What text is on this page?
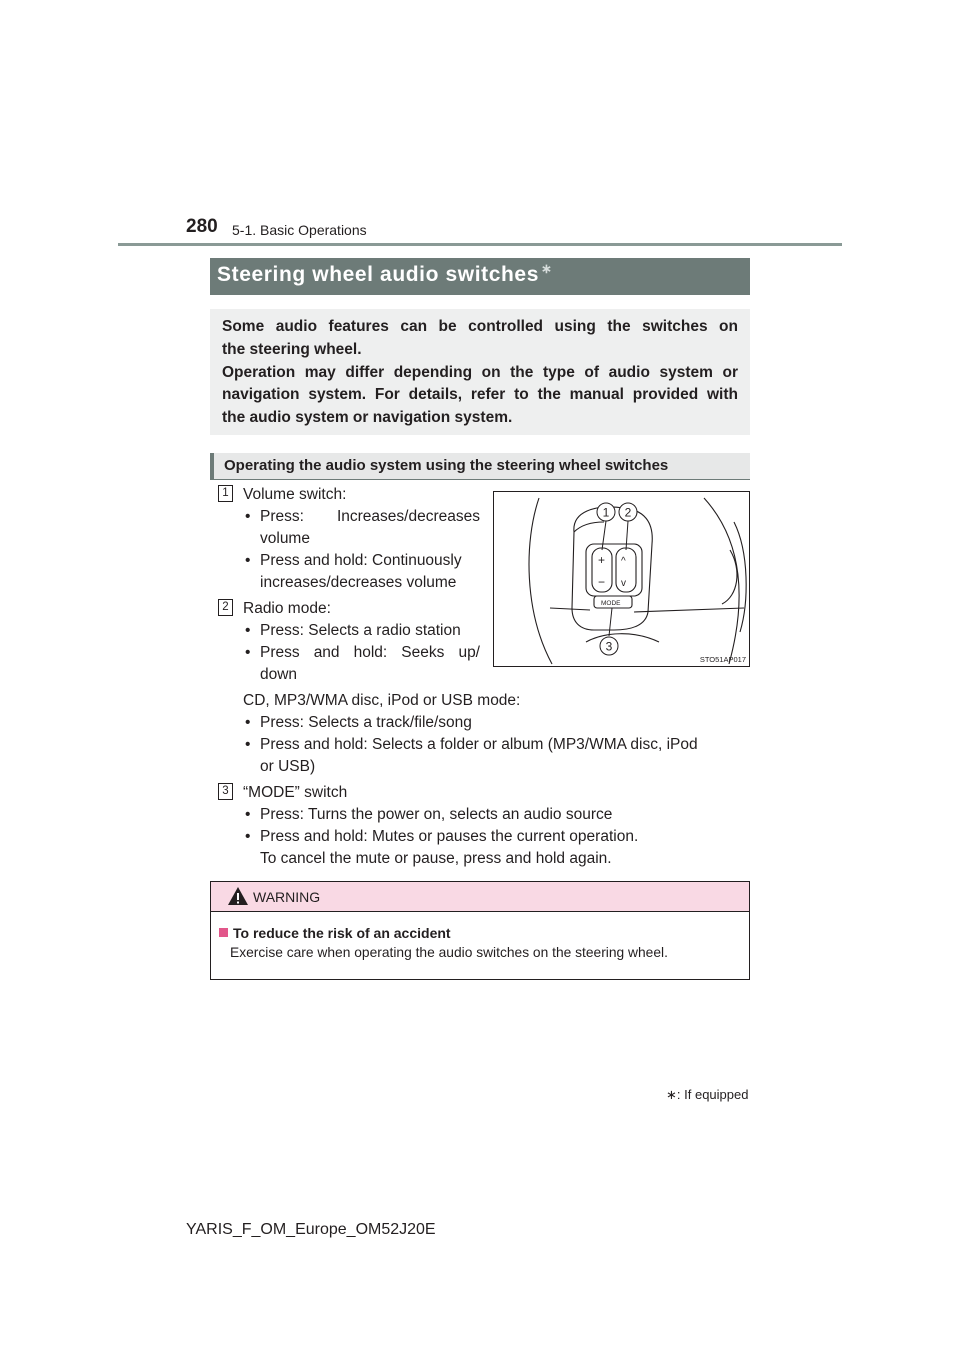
280 5-1. Basic Operations
Steering wheel audio switches ∗

Some audio features can be controlled using the switches on

the steering wheel.

Operation may differ depending on the type of audio system or

navigation system. For details, refer to the manual provided with

the audio system or navigation system.

Operating the audio system using the steering wheel switches
1 Volume switch:
• Press: Increases/decreases
volume
• Press and hold: Continuously
increases/decreases volume
2 Radio mode:
• Press: Selects a radio station
• Press and hold: Seeks up/
down
CD, MP3/WMA disc, iPod or USB mode:
• Press: Selects a track/file/song
• Press and hold: Selects a folder or album (MP3/WMA disc, iPod
or USB)
3 “MODE” switch
• Press: Turns the power on, selects an audio source
• Press and hold: Mutes or pauses the current operation.
To cancel the mute or pause, press and hold again.
+
−
^
v
MODE
1 2
3
STO51AP017
WARNING
To reduce the risk of an accident
Exercise care when operating the audio switches on the steering wheel.
∗: If equipped
YARIS_F_OM_Europe_OM52J20E
